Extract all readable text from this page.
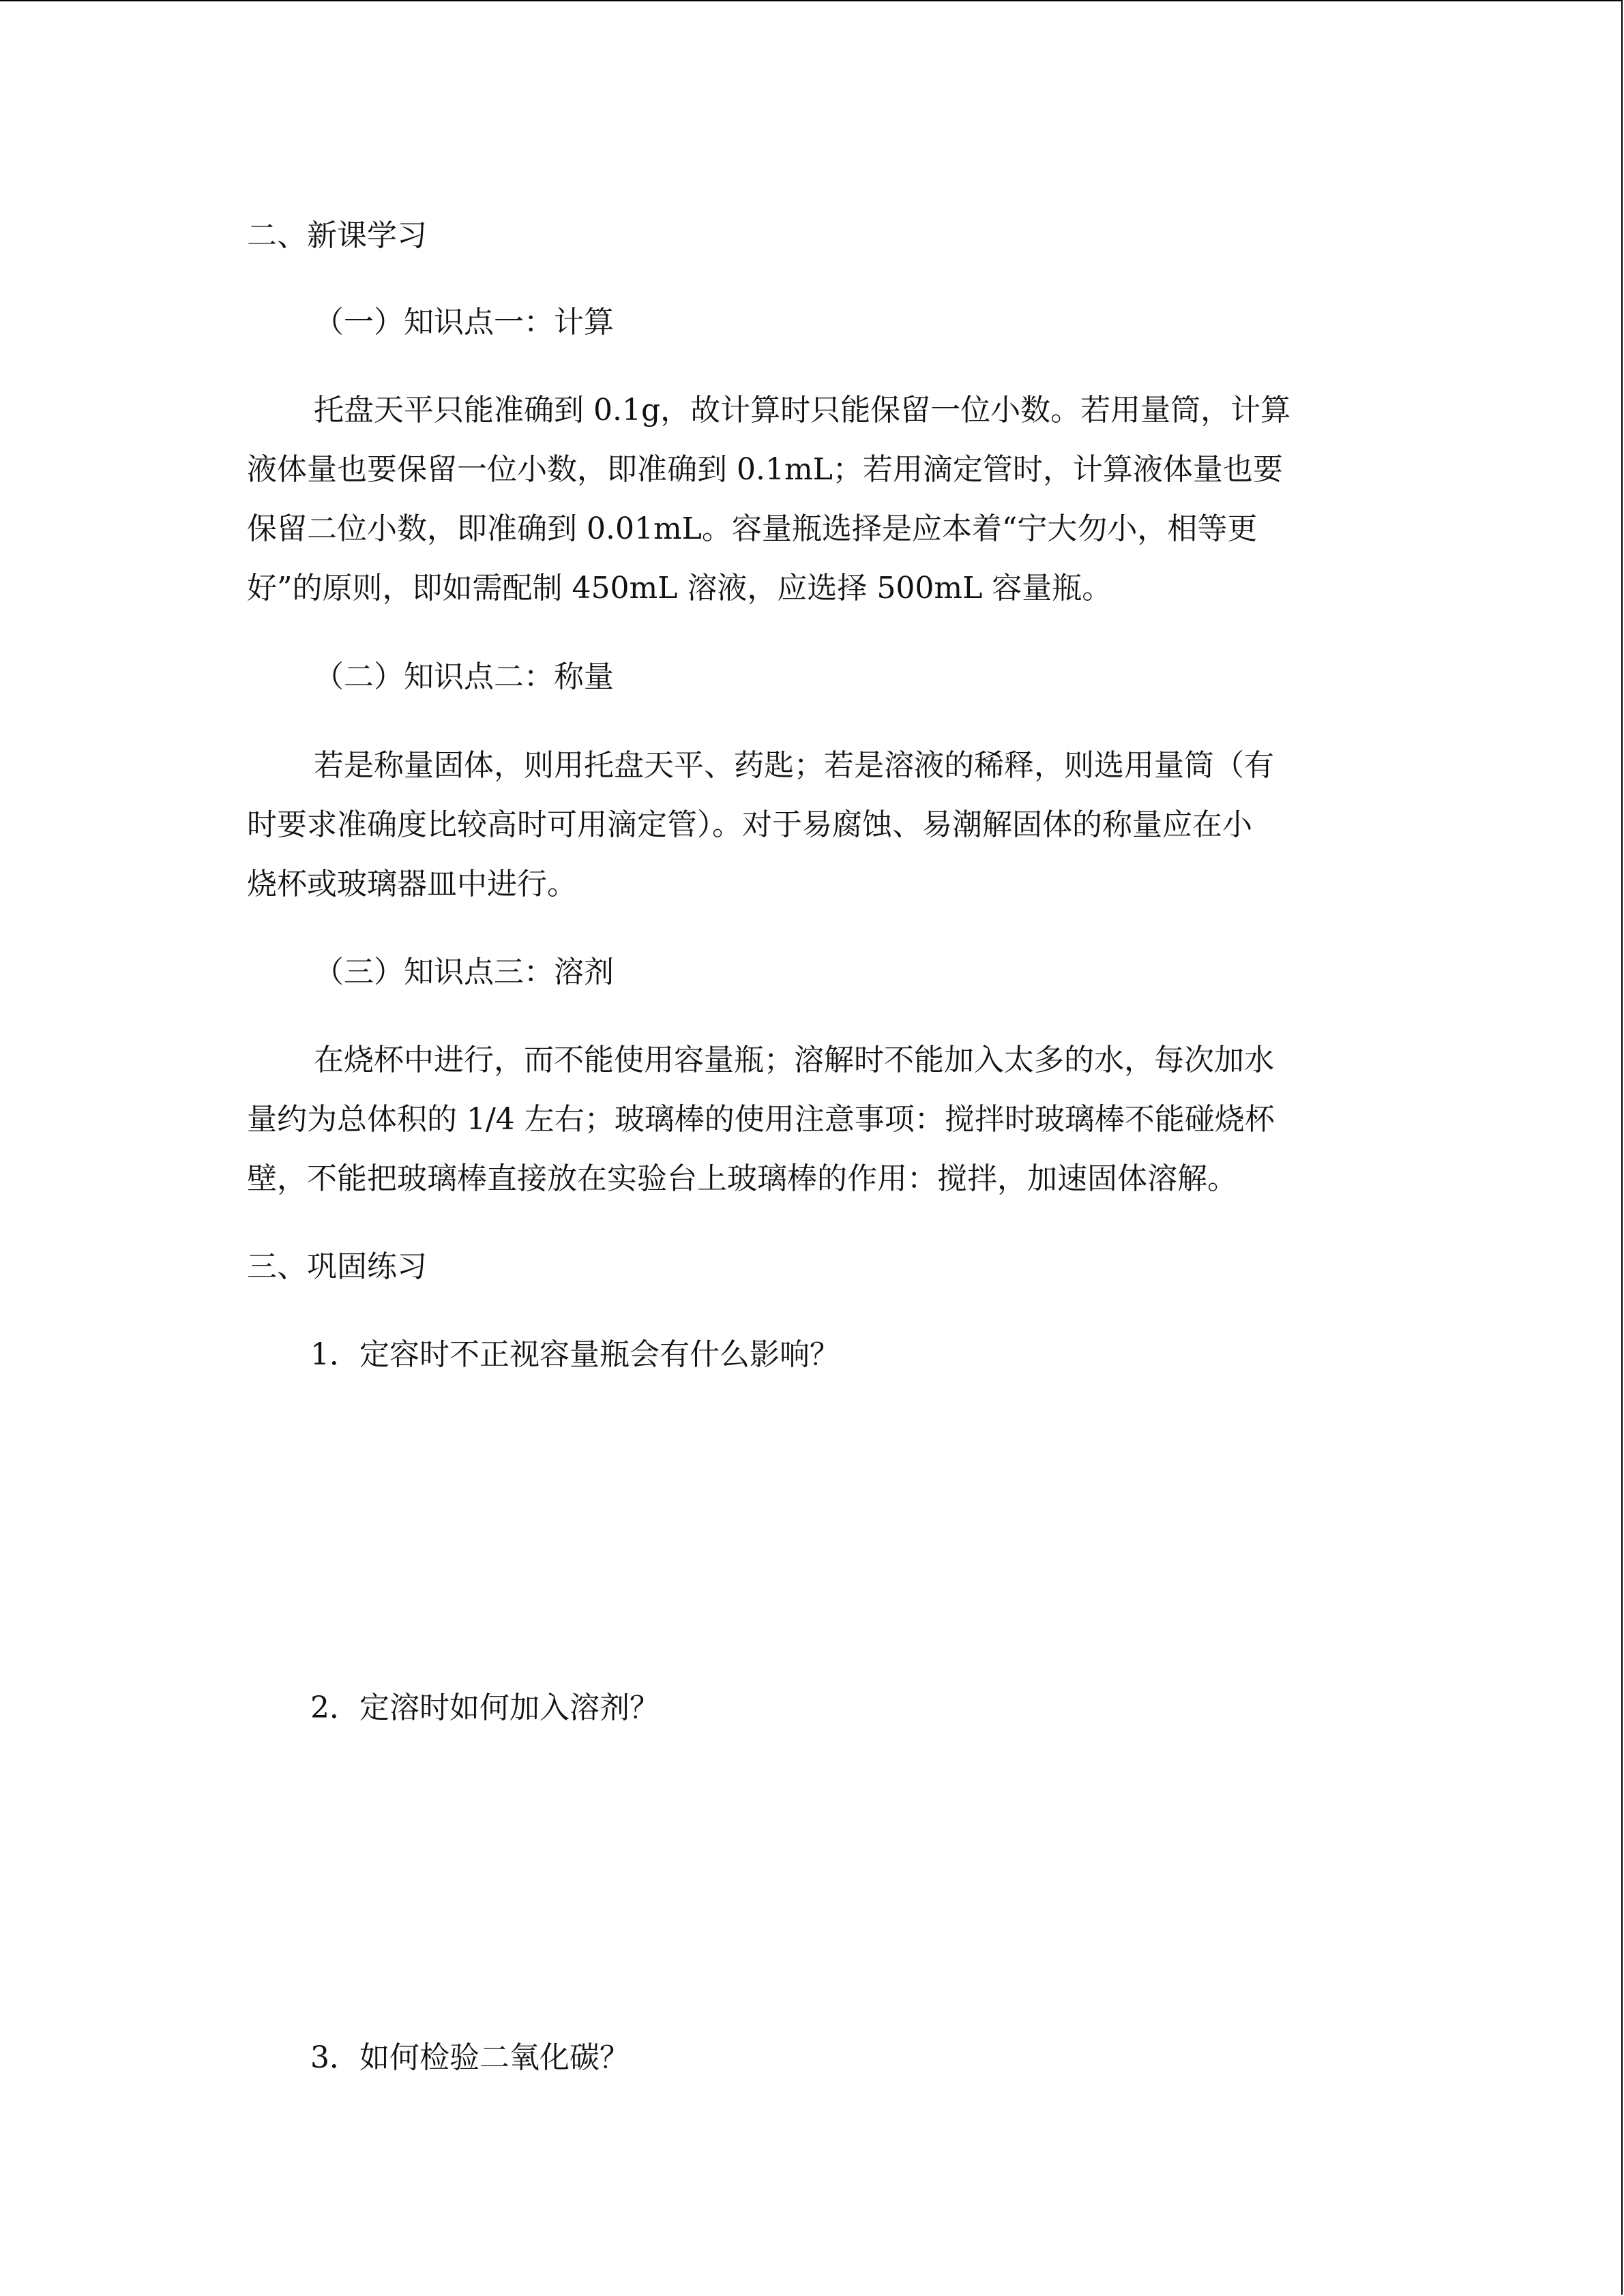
二、新课学习
（一）知识点一：计算

托盘天平只能准确到 0.1g，故计算时只能保留一位小数。若用量筒，计算

液体量也要保留一位小数，即准确到 0.1mL；若用滴定管时，计算液体量也要

保留二位小数，即准确到 0.01mL。容量瓶选择是应本着“宁大勿小，相等更

好”的原则，即如需配制 450mL 溶液，应选择 500mL 容量瓶。

（二）知识点二：称量

若是称量固体，则用托盘天平、药匙；若是溶液的稀释，则选用量筒（有

时要求准确度比较高时可用滴定管）。对于易腐蚀、易潮解固体的称量应在小

烧杯或玻璃器皿中进行。

（三）知识点三：溶剂

在烧杯中进行，而不能使用容量瓶；溶解时不能加入太多的水，每次加水

量约为总体积的 1/4 左右；玻璃棒的使用注意事项：搅拌时玻璃棒不能碰烧杯

壁，不能把玻璃棒直接放在实验台上玻璃棒的作用：搅拌，加速固体溶解。

三、巩固练习

1．定容时不正视容量瓶会有什么影响？

2．定溶时如何加入溶剂？

3．如何检验二氧化碳？
